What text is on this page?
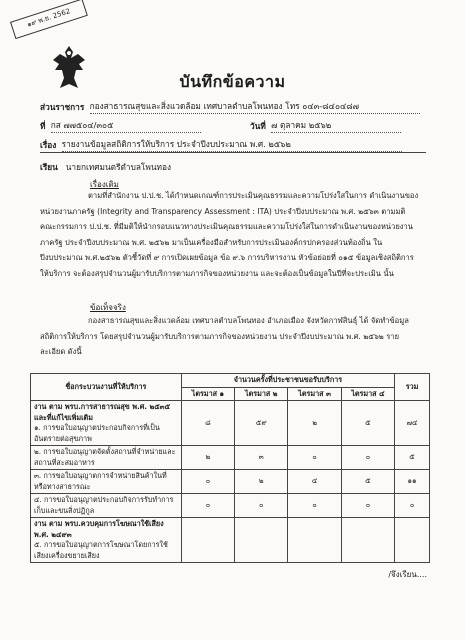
๑๙ พ.ย. 2562
บันทึกข้อความ
ส่วนราชการ กองสาธารณสุขและสิ่งแวดล้อม เทศบาลตำบลโพนทอง โทร ๐๔๓-๘๔๐๔๘๗
ที่ กส ๗๗๕๐๔/๓๐๕	วันที่ ๗ ตุลาคม ๒๕๖๒
เรื่อง รายงานข้อมูลสถิติการให้บริการ ประจำปีงบประมาณ พ.ศ. ๒๕๖๒
เรียน นายกเทศมนตรีตำบลโพนทอง
เรื่องเดิม
ตามที่สำนักงาน ป.ป.ช. ได้กำหนดเกณฑ์การประเมินคุณธรรมและความโปร่งใสในการ ดำเนินงานของหน่วยงานภาครัฐ (Integrity and Transparency Assessment : ITA) ประจำปีงบประมาณ พ.ศ. ๒๕๖๓ ตามมติคณะกรรมการ ป.ป.ช. ที่มีมติให้นำกรอบแนวทางประเมินคุณธรรมและความโปร่งใสในการดำเนินงานของหน่วยงานภาครัฐ ประจำปีงบประมาณ พ.ศ. ๒๕๖๒ มาเป็นเครื่องมือสำหรับการประเมินองค์กรปกครองส่วนท้องถิ่น ในปีงบประมาณ พ.ศ.๒๕๖๒ ตัวชี้วัดที่ ๙ การเปิดเผยข้อมูล ข้อ ๙.๖ การบริหารงาน หัวข้อย่อยที่ ๐๑๕ ข้อมูลเชิงสถิติการให้บริการ จะต้องสรุปจำนวนผู้มารับบริการตามภารกิจของหน่วยงาน และจะต้องเป็นข้อมูลในปีที่จะประเมิน นั้น
ข้อเท็จจริง
กองสาธารณสุขและสิ่งแวดล้อม เทศบาลตำบลโพนทอง อำเภอเมือง จังหวัดกาฬสินธุ์ ได้ จัดทำข้อมูลสถิติการให้บริการ โดยสรุปจำนวนผู้มารับบริการตามภารกิจของหน่วยงาน ประจำปีงบประมาณ พ.ศ. ๒๕๖๒ รายละเอียด ดังนี้
ชื่อกระบวนงานที่ให้บริการ	จำนวนครั้งที่ประชาชนขอรับบริการ				รวม
	ไตรมาส ๑	ไตรมาส ๒	ไตรมาส ๓	ไตรมาส ๔	

งาน ตาม พรบ.การสาธารณสุข พ.ศ. ๒๕๓๕ และที่แก้ไขเพิ่มเติม
๑. การขอใบอนุญาตประกอบกิจการที่เป็นอันตรายต่อสุขภาพ	๘	๕๙	๒	๕	๗๔
๒. การขอใบอนุญาตจัดตั้งสถานที่จำหน่ายและสถานที่สะสมอาหาร	๒	๓	๐	๐	๕
๓. การขอใบอนุญาตการจำหน่ายสินค้าในที่หรือทางสาธารณะ	๐	๒	๔	๕	๑๑
๔. การขอใบอนุญาตประกอบกิจการรับทำการเก็บและขนสิ่งปฏิกูล	๐	๐	๐	๐	๐

งาน ตาม พรบ.ควบคุมการโฆษณาใช้เสียง พ.ศ. ๒๔๙๓
๕. การขอใบอนุญาตการโฆษณาโดยการใช้เสียงเครื่องขยายเสียง					

/จึงเรียน....
